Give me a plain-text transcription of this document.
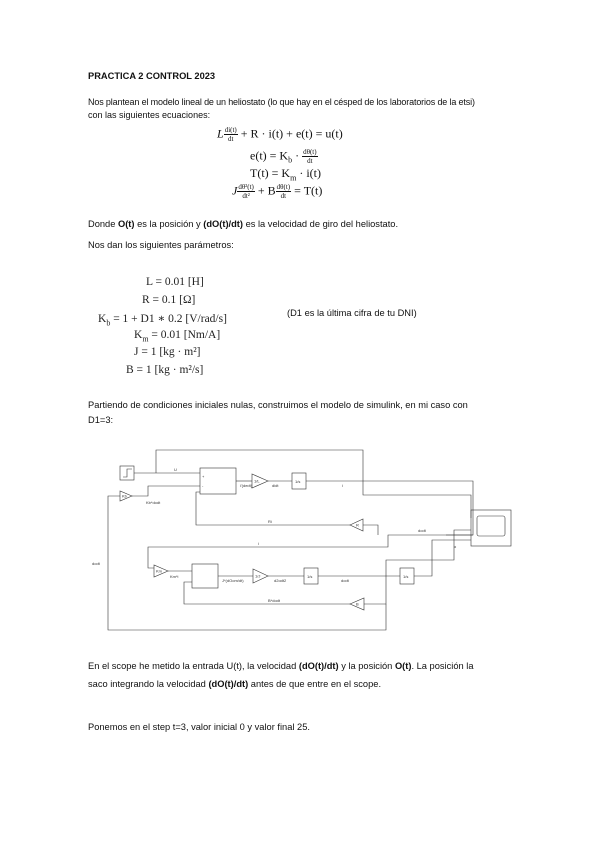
PRACTICA 2 CONTROL 2023
Nos plantean el modelo lineal de un heliostato (lo que hay en el césped de los laboratorios de la etsi)
con las siguientes ecuaciones:
L $\frac{di(t)}{dt} + R \cdot i(t) + e(t) = u(t)$
$e(t) = K_b \cdot \frac{d\theta(t)}{dt}$
$T(t) = K_m \cdot i(t)$
J $\frac{\text{dθ²(t)}}{\text{dt²}} + B \frac{d\theta(t)}{dt} = T(t)$
Donde O(t) es la posición y (dO(t)/dt) es la velocidad de giro del heliostato.
Nos dan los siguientes parámetros:
L = 0.01 [H]
R = 0.1 [Ω]
$K_b = 1 + D1$ ∗ 0.2 [V/rad/s]
$K_m = 0.01$ [Nm/A]
J = 1 [kg · m²]
B = 1 [kg · m²/s]
(D1 es la última cifra de tu DNI)
Partiendo de condiciones iniciales nulas, construimos el modelo de simulink, en mi caso con
D1=3:
U
Kb
Kb*dodt
+
-	i'(dedt)
1/L
didt
1/s
i
R
Ri
i
Km
Km*i
J*(dOom/dt)
1/J
d2odt2
1/s
dodt
1/s
o
dodt
B
B*dodt
dodt
En el scope he metido la entrada U(t), la velocidad (dO(t)/dt) y la posición O(t). La posición la
saco integrando la velocidad (dO(t)/dt) antes de que entre en el scope.
Ponemos en el step t=3, valor inicial 0 y valor final 25.
